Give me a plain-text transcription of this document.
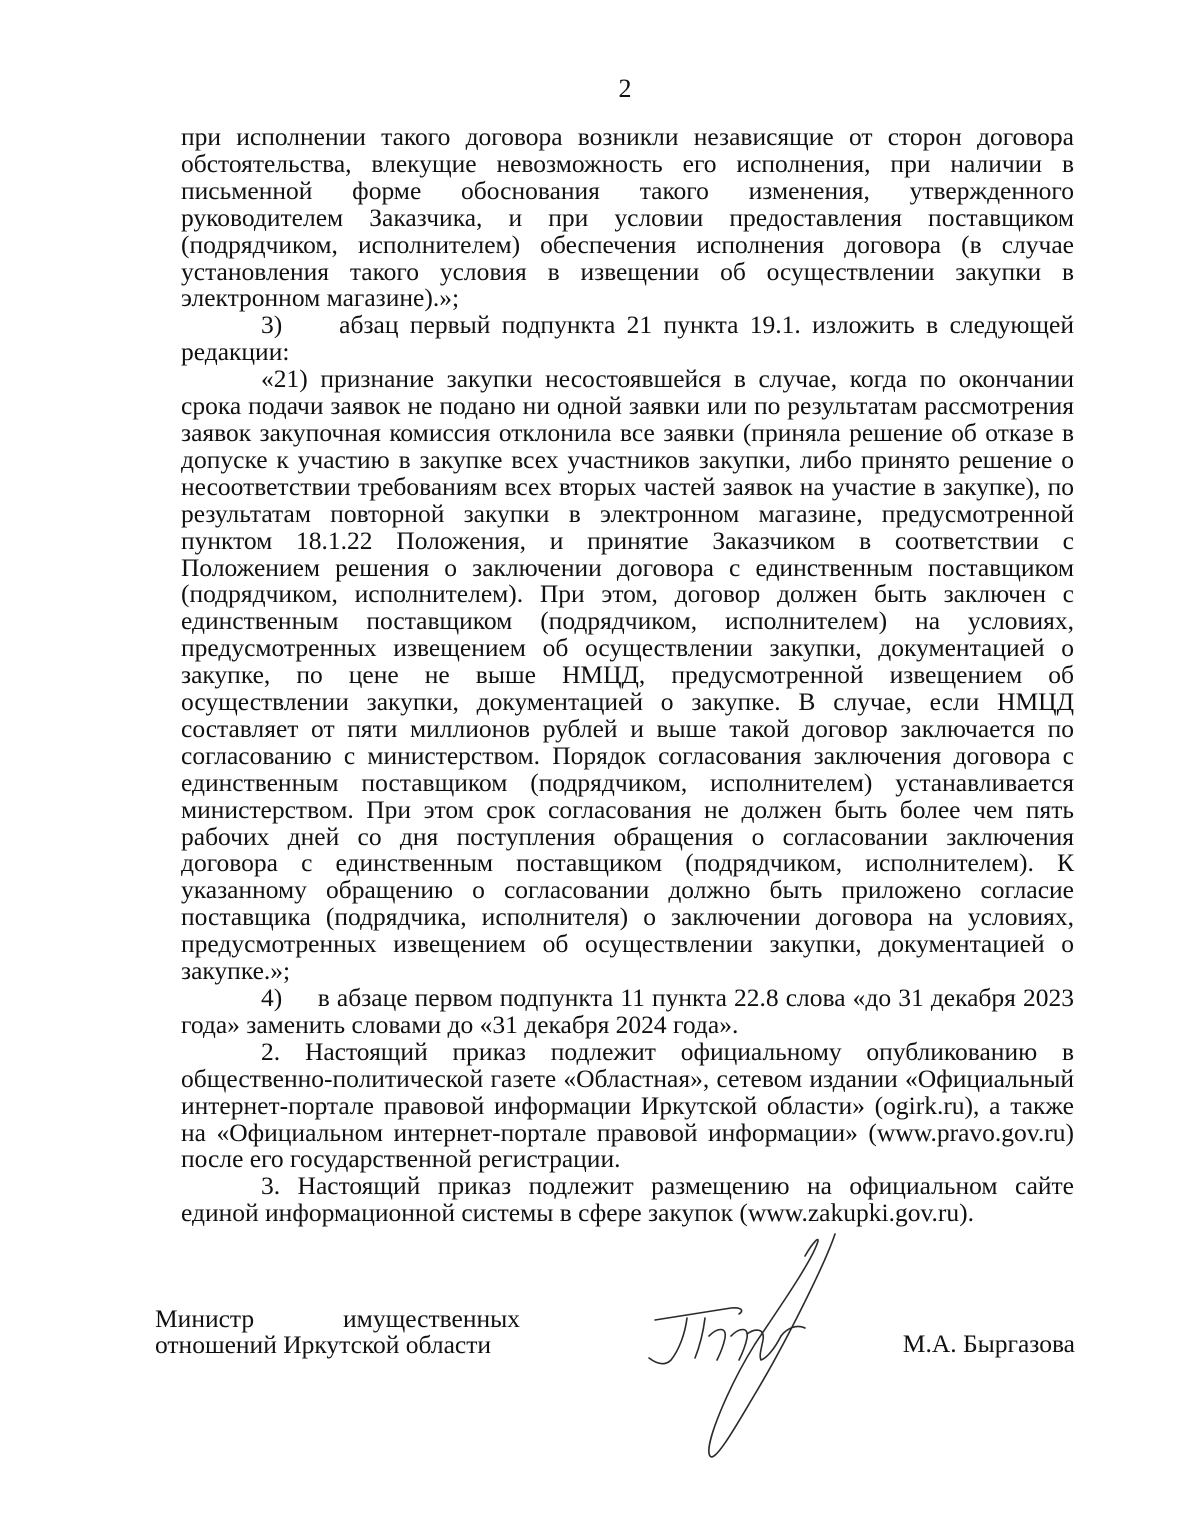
2

при исполнении такого договора возникли независящие от сторон договора обстоятельства, влекущие невозможность его исполнения, при наличии в письменной форме обоснования такого изменения, утвержденного руководителем Заказчика, и при условии предоставления поставщиком (подрядчиком, исполнителем) обеспечения исполнения договора (в случае установления такого условия в извещении об осуществлении закупки в электронном магазине).»;

3)     абзац первый подпункта 21 пункта 19.1. изложить в следующей редакции:

«21) признание закупки несостоявшейся в случае, когда по окончании срока подачи заявок не подано ни одной заявки или по результатам рассмотрения заявок закупочная комиссия отклонила все заявки (приняла решение об отказе в допуске к участию в закупке всех участников закупки, либо принято решение о несоответствии требованиям всех вторых частей заявок на участие в закупке), по результатам повторной закупки в электронном магазине, предусмотренной пунктом 18.1.22 Положения, и принятие Заказчиком в соответствии с Положением решения о заключении договора с единственным поставщиком (подрядчиком, исполнителем). При этом, договор должен быть заключен с единственным поставщиком (подрядчиком, исполнителем) на условиях, предусмотренных извещением об осуществлении закупки, документацией о закупке, по цене не выше НМЦД, предусмотренной извещением об осуществлении закупки, документацией о закупке. В случае, если НМЦД составляет от пяти миллионов рублей и выше такой договор заключается по согласованию с министерством. Порядок согласования заключения договора с единственным поставщиком (подрядчиком, исполнителем) устанавливается министерством. При этом срок согласования не должен быть более чем пять рабочих дней со дня поступления обращения о согласовании заключения договора с единственным поставщиком (подрядчиком, исполнителем). К указанному обращению о согласовании должно быть приложено согласие поставщика (подрядчика, исполнителя) о заключении договора на условиях, предусмотренных извещением об осуществлении закупки, документацией о закупке.»;

4)     в абзаце первом подпункта 11 пункта 22.8 слова «до 31 декабря 2023 года» заменить словами до «31 декабря 2024 года».

2. Настоящий приказ подлежит официальному опубликованию в общественно-политической газете «Областная», сетевом издании «Официальный интернет-портале правовой информации Иркутской области» (ogirk.ru), а также на «Официальном интернет-портале правовой информации» (www.pravo.gov.ru) после его государственной регистрации.

3. Настоящий приказ подлежит размещению на официальном сайте единой информационной системы в сфере закупок (www.zakupki.gov.ru).

Министр	имущественных
отношений Иркутской области	М.А. Быргазова
